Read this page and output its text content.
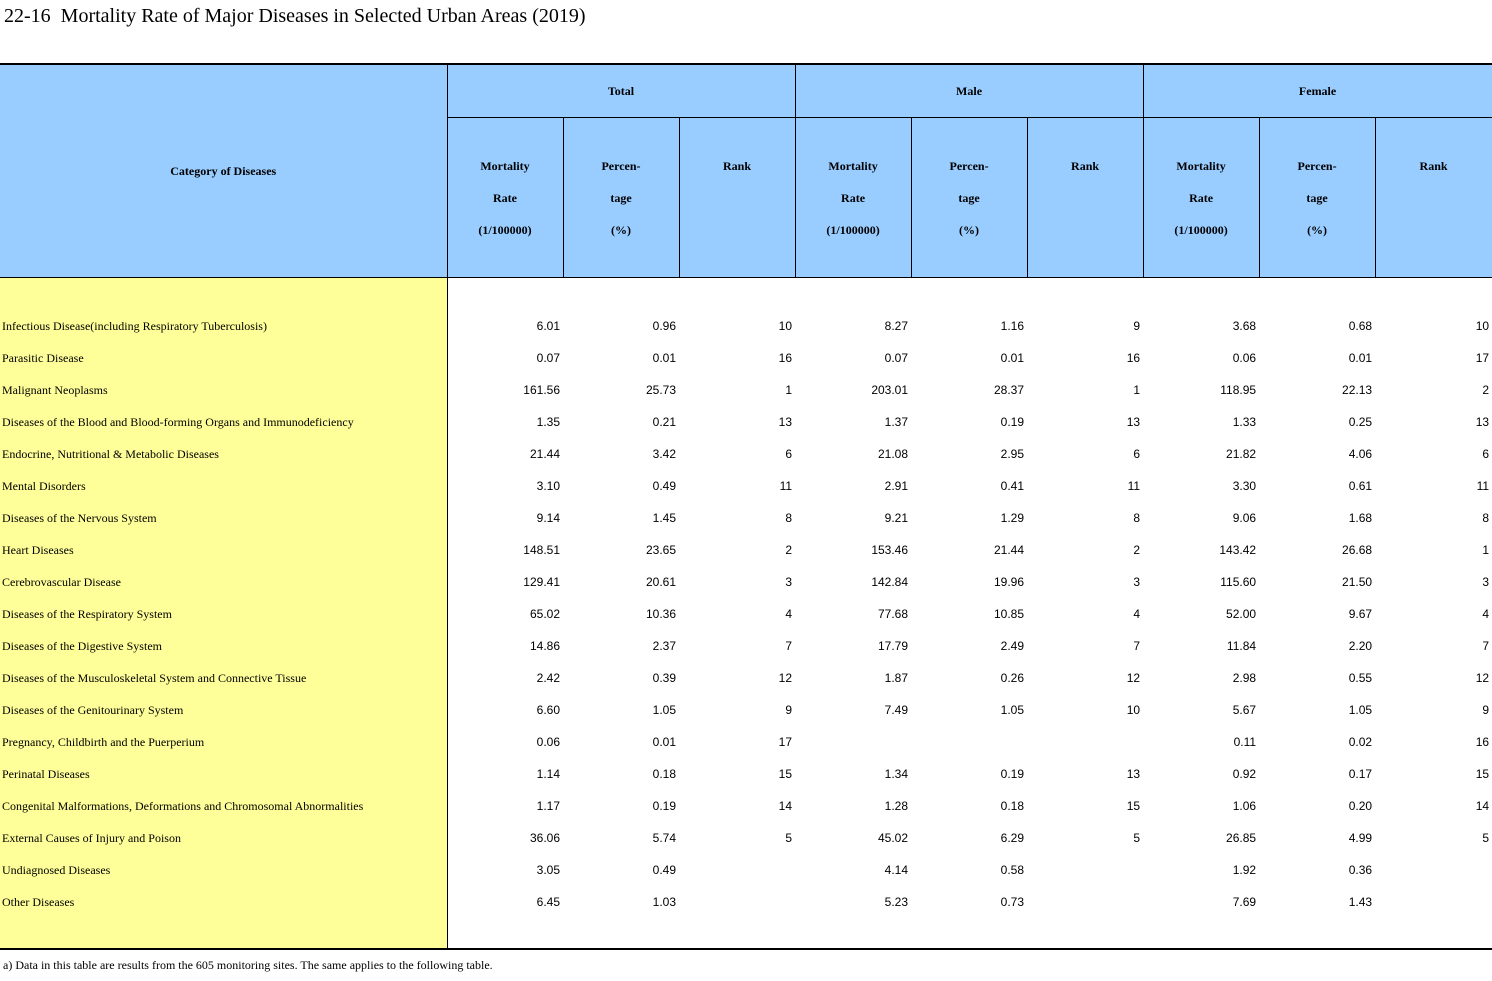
22-16  Mortality Rate of Major Diseases in Selected Urban Areas (2019)
Category of Diseases	Total			Male			Female		

	Mortality
Rate
(1/100000)	Percen-
tage
(%)	Rank	Mortality
Rate
(1/100000)	Percen-
tage
(%)	Rank	Mortality
Rate
(1/100000)	Percen-
tage
(%)	Rank

Infectious Disease(including Respiratory Tuberculosis)	6.01	0.96	10	8.27	1.16	9	3.68	0.68	10
Parasitic Disease	0.07	0.01	16	0.07	0.01	16	0.06	0.01	17
Malignant Neoplasms	161.56	25.73	1	203.01	28.37	1	118.95	22.13	2
Diseases of the Blood and Blood-forming Organs and Immunodeficiency	1.35	0.21	13	1.37	0.19	13	1.33	0.25	13
Endocrine, Nutritional & Metabolic Diseases	21.44	3.42	6	21.08	2.95	6	21.82	4.06	6
Mental Disorders	3.10	0.49	11	2.91	0.41	11	3.30	0.61	11
Diseases of the Nervous System	9.14	1.45	8	9.21	1.29	8	9.06	1.68	8
Heart Diseases	148.51	23.65	2	153.46	21.44	2	143.42	26.68	1
Cerebrovascular Disease	129.41	20.61	3	142.84	19.96	3	115.60	21.50	3
Diseases of the Respiratory System	65.02	10.36	4	77.68	10.85	4	52.00	9.67	4
Diseases of the Digestive System	14.86	2.37	7	17.79	2.49	7	11.84	2.20	7
Diseases of the Musculoskeletal System and Connective Tissue	2.42	0.39	12	1.87	0.26	12	2.98	0.55	12
Diseases of the Genitourinary System	6.60	1.05	9	7.49	1.05	10	5.67	1.05	9
Pregnancy, Childbirth and the Puerperium	0.06	0.01	17				0.11	0.02	16
Perinatal Diseases	1.14	0.18	15	1.34	0.19	13	0.92	0.17	15
Congenital Malformations, Deformations and Chromosomal Abnormalities	1.17	0.19	14	1.28	0.18	15	1.06	0.20	14
External Causes of Injury and Poison	36.06	5.74	5	45.02	6.29	5	26.85	4.99	5
Undiagnosed Diseases	3.05	0.49		4.14	0.58		1.92	0.36	
Other Diseases	6.45	1.03		5.23	0.73		7.69	1.43	

a) Data in this table are results from the 605 monitoring sites. The same applies to the following table.
